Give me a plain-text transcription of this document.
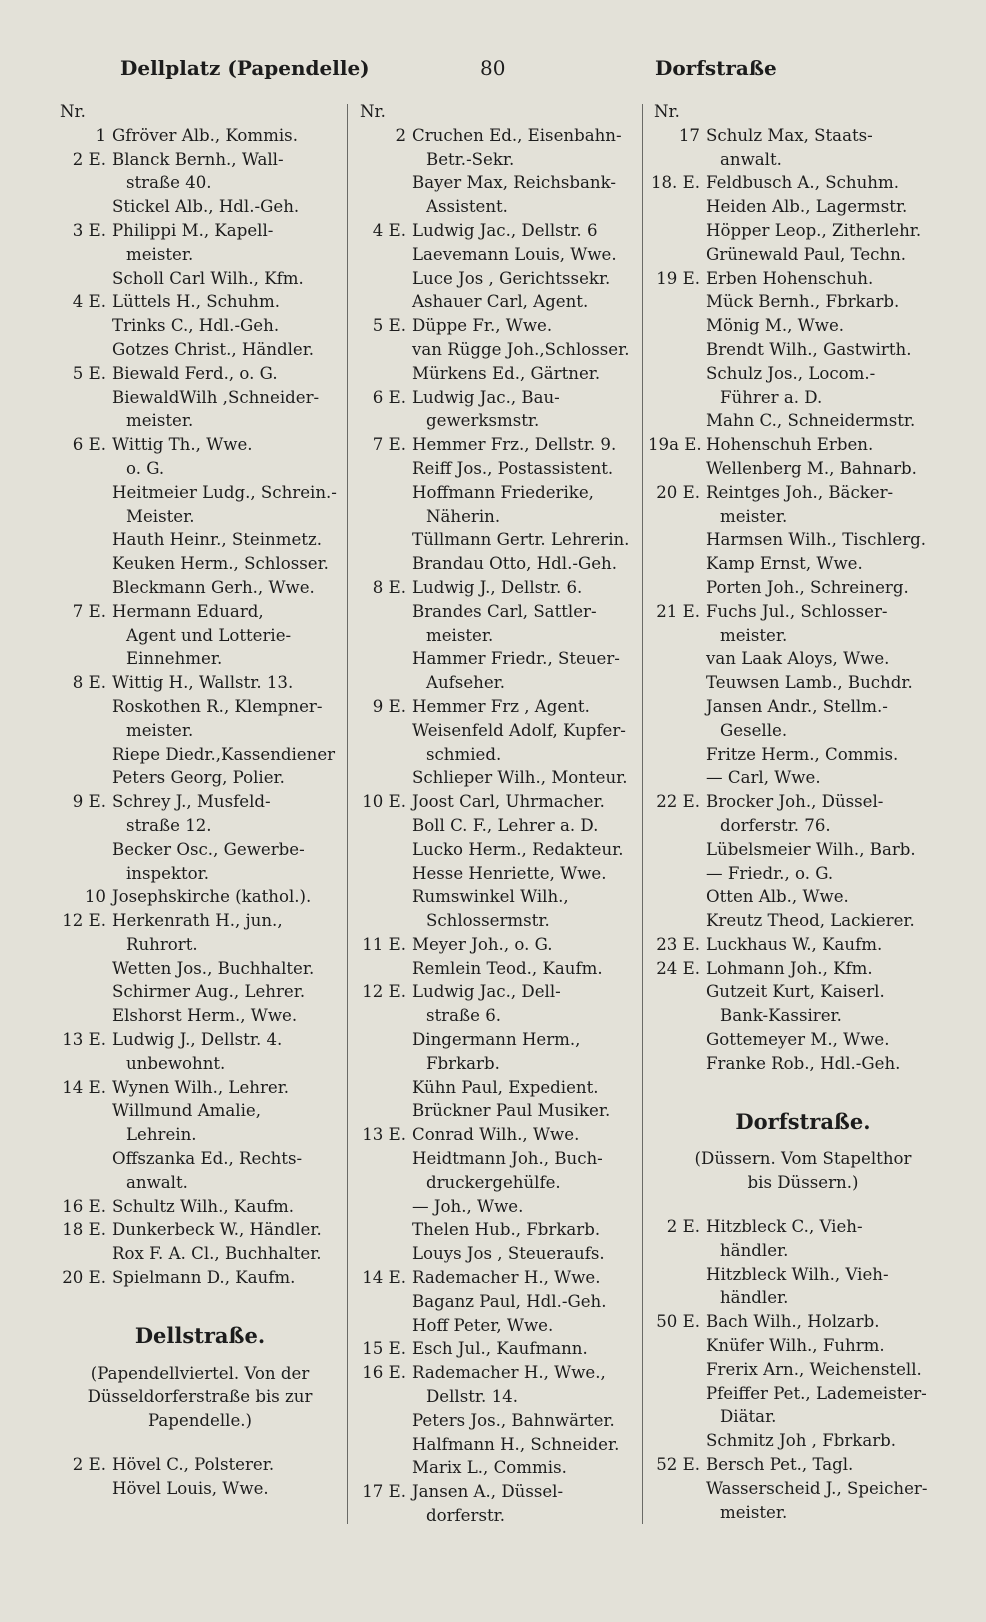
Dellplatz (Papendelle)	80	Dorfstraße
Nr.
1 Gfröver Alb., Kommis.
2 E. Blanck Bernh., Wall-
straße 40.
Stickel Alb., Hdl.-Geh.
3 E. Philippi M., Kapell-
meister.
Scholl Carl Wilh., Kfm.
4 E. Lüttels H., Schuhm.
Trinks C., Hdl.-Geh.
Gotzes Christ., Händler.
5 E. Biewald Ferd., o. G.
BiewaldWilh ,Schneider-
meister.
6 E. Wittig Th., Wwe.
o. G.
Heitmeier Ludg., Schrein.-
Meister.
Hauth Heinr., Steinmetz.
Keuken Herm., Schlosser.
Bleckmann Gerh., Wwe.
7 E. Hermann Eduard,
Agent und Lotterie-
Einnehmer.
8 E. Wittig H., Wallstr. 13.
Roskothen R., Klempner-
meister.
Riepe Diedr.,Kassendiener
Peters Georg, Polier.
9 E. Schrey J., Musfeld-
straße 12.
Becker Osc., Gewerbe-
inspektor.
10 Josephskirche (kathol.).
12 E. Herkenrath H., jun.,
Ruhrort.
Wetten Jos., Buchhalter.
Schirmer Aug., Lehrer.
Elshorst Herm., Wwe.
13 E. Ludwig J., Dellstr. 4.
unbewohnt.
14 E. Wynen Wilh., Lehrer.
Willmund Amalie,
Lehrein.
Offszanka Ed., Rechts-
anwalt.
16 E. Schultz Wilh., Kaufm.
18 E. Dunkerbeck W., Händler.
Rox F. A. Cl., Buchhalter.
20 E. Spielmann D., Kaufm.
Dellstraße.
(Papendellviertel. Von der
Düsseldorferstraße bis zur
Papendelle.)
2 E. Hövel C., Polsterer.
Hövel Louis, Wwe.
Nr.
2 Cruchen Ed., Eisenbahn-
Betr.-Sekr.
Bayer Max, Reichsbank-
Assistent.
4 E. Ludwig Jac., Dellstr. 6
Laevemann Louis, Wwe.
Luce Jos , Gerichtssekr.
Ashauer Carl, Agent.
5 E. Düppe Fr., Wwe.
van Rügge Joh.,Schlosser.
Mürkens Ed., Gärtner.
6 E. Ludwig Jac., Bau-
gewerksmstr.
7 E. Hemmer Frz., Dellstr. 9.
Reiff Jos., Postassistent.
Hoffmann Friederike,
Näherin.
Tüllmann Gertr. Lehrerin.
Brandau Otto, Hdl.-Geh.
8 E. Ludwig J., Dellstr. 6.
Brandes Carl, Sattler-
meister.
Hammer Friedr., Steuer-
Aufseher.
9 E. Hemmer Frz , Agent.
Weisenfeld Adolf, Kupfer-
schmied.
Schlieper Wilh., Monteur.
10 E. Joost Carl, Uhrmacher.
Boll C. F., Lehrer a. D.
Lucko Herm., Redakteur.
Hesse Henriette, Wwe.
Rumswinkel Wilh.,
Schlossermstr.
11 E. Meyer Joh., o. G.
Remlein Teod., Kaufm.
12 E. Ludwig Jac., Dell-
straße 6.
Dingermann Herm.,
Fbrkarb.
Kühn Paul, Expedient.
Brückner Paul Musiker.
13 E. Conrad Wilh., Wwe.
Heidtmann Joh., Buch-
druckergehülfe.
— Joh., Wwe.
Thelen Hub., Fbrkarb.
Louys Jos , Steueraufs.
14 E. Rademacher H., Wwe.
Baganz Paul, Hdl.-Geh.
Hoff Peter, Wwe.
15 E. Esch Jul., Kaufmann.
16 E. Rademacher H., Wwe.,
Dellstr. 14.
Peters Jos., Bahnwärter.
Halfmann H., Schneider.
Marix L., Commis.
17 E. Jansen A., Düssel-
dorferstr.
Nr.
17 Schulz Max, Staats-
anwalt.
18. E. Feldbusch A., Schuhm.
Heiden Alb., Lagermstr.
Höpper Leop., Zitherlehr.
Grünewald Paul, Techn.
19 E. Erben Hohenschuh.
Mück Bernh., Fbrkarb.
Mönig M., Wwe.
Brendt Wilh., Gastwirth.
Schulz Jos., Locom.-
Führer a. D.
Mahn C., Schneidermstr.
19a E. Hohenschuh Erben.
Wellenberg M., Bahnarb.
20 E. Reintges Joh., Bäcker-
meister.
Harmsen Wilh., Tischlerg.
Kamp Ernst, Wwe.
Porten Joh., Schreinerg.
21 E. Fuchs Jul., Schlosser-
meister.
van Laak Aloys, Wwe.
Teuwsen Lamb., Buchdr.
Jansen Andr., Stellm.-
Geselle.
Fritze Herm., Commis.
— Carl, Wwe.
22 E. Brocker Joh., Düssel-
dorferstr. 76.
Lübelsmeier Wilh., Barb.
— Friedr., o. G.
Otten Alb., Wwe.
Kreutz Theod, Lackierer.
23 E. Luckhaus W., Kaufm.
24 E. Lohmann Joh., Kfm.
Gutzeit Kurt, Kaiserl.
Bank-Kassirer.
Gottemeyer M., Wwe.
Franke Rob., Hdl.-Geh.
Dorfstraße.
(Düssern. Vom Stapelthor
bis Düssern.)
2 E. Hitzbleck C., Vieh-
händler.
Hitzbleck Wilh., Vieh-
händler.
50 E. Bach Wilh., Holzarb.
Knüfer Wilh., Fuhrm.
Frerix Arn., Weichenstell.
Pfeiffer Pet., Lademeister-
Diätar.
Schmitz Joh , Fbrkarb.
52 E. Bersch Pet., Tagl.
Wasserscheid J., Speicher-
meister.
